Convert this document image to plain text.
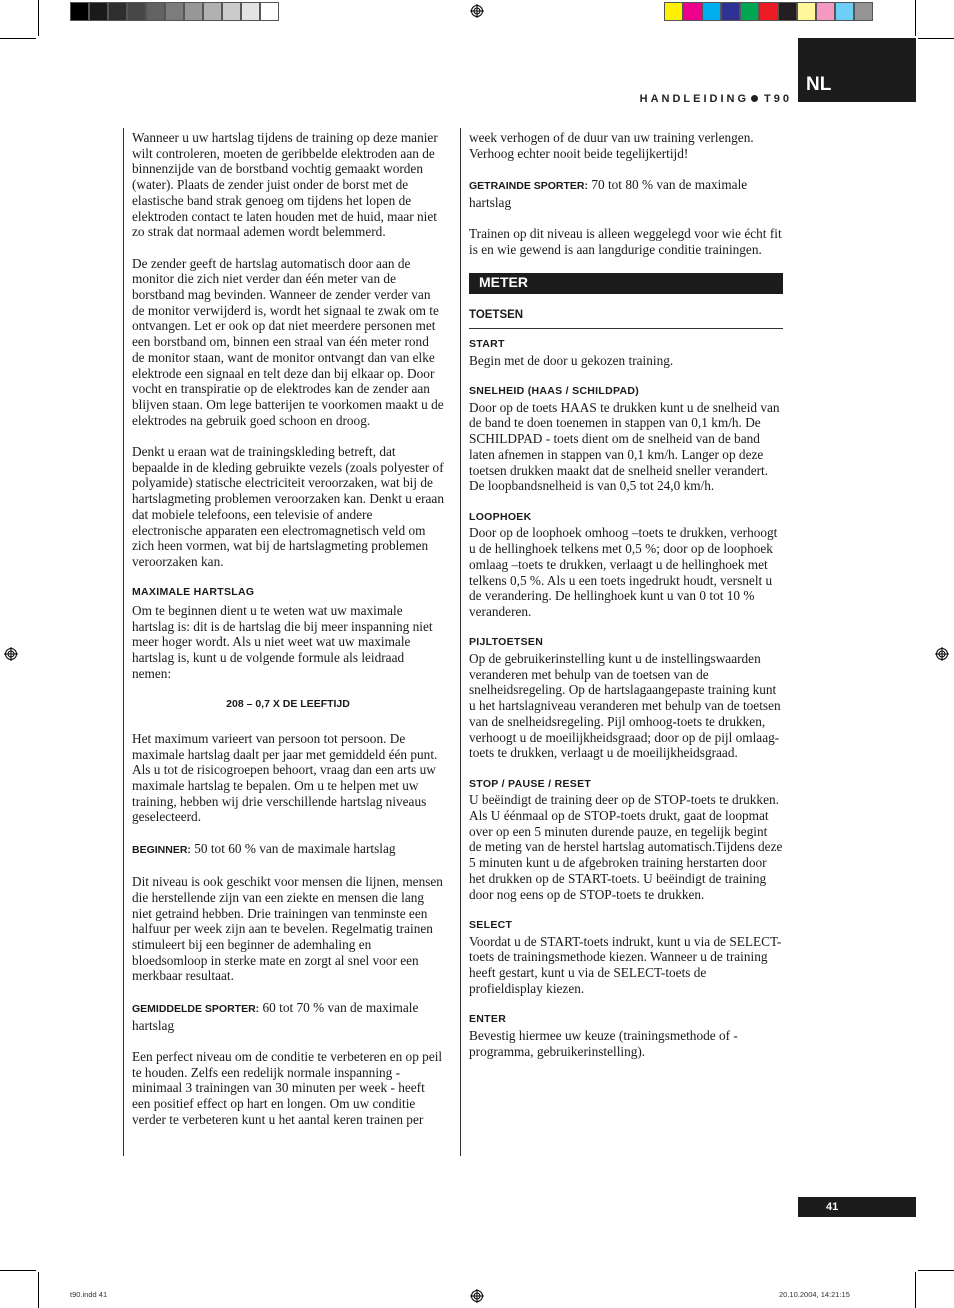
NL
HANDLEIDING T90

Wanneer u uw hartslag tijdens de training op deze manier wilt controleren, moeten de geribbelde elektroden aan de binnenzijde van de borstband vochtig gemaakt worden (water). Plaats de zender juist onder de borst met de elastische band strak genoeg om tijdens het lopen de elektroden contact te laten houden met de huid, maar niet zo strak dat normaal ademen wordt belemmerd.

De zender geeft de hartslag automatisch door aan de monitor die zich niet verder dan één meter van de borstband mag bevinden. Wanneer de zender verder van de monitor verwijderd is, wordt het signaal te zwak om te ontvangen. Let er ook op dat niet meerdere personen met een borstband om, binnen een straal van één meter rond de monitor staan, want de monitor ontvangt dan van elke elektrode een signaal en telt deze dan bij elkaar op. Door vocht en transpiratie op de elektrodes kan de zender aan blijven staan. Om lege batterijen te voorkomen maakt u de elektrodes na gebruik goed schoon en droog.

Denkt u eraan wat de trainingskleding betreft, dat bepaalde in de kleding gebruikte vezels (zoals polyester of polyamide) statische electriciteit veroorzaken, wat bij de hartslagmeting problemen veroorzaken kan. Denkt u eraan dat mobiele telefoons, een televisie of andere electronische apparaten een electromagnetisch veld om zich heen vormen, wat bij de hartslagmeting problemen veroorzaken kan.

MAXIMALE HARTSLAG

Om te beginnen dient u te weten wat uw maximale hartslag is: dit is de hartslag die bij meer inspanning niet meer hoger wordt. Als u niet weet wat uw maximale hartslag is, kunt u de volgende formule als leidraad nemen:

208 – 0,7 X DE LEEFTIJD

Het maximum varieert van persoon tot persoon. De maximale hartslag daalt per jaar met gemiddeld één punt. Als u tot de risicogroepen behoort, vraag dan een arts uw maximale hartslag te bepalen. Om u te helpen met uw training, hebben wij drie verschillende hartslag niveaus geselecteerd.

BEGINNER: 50 tot 60 % van de maximale hartslag

Dit niveau is ook geschikt voor mensen die lijnen, mensen die herstellende zijn van een ziekte en mensen die lang niet getraind hebben. Drie trainingen van tenminste een halfuur per week zijn aan te bevelen. Regelmatig trainen stimuleert bij een beginner de ademhaling en bloedsomloop in sterke mate en zorgt al snel voor een merkbaar resultaat.

GEMIDDELDE SPORTER: 60 tot 70 % van de maximale hartslag

Een perfect niveau om de conditie te verbeteren en op peil te houden. Zelfs een redelijk normale inspanning - minimaal 3 trainingen van 30 minuten per week - heeft een positief effect op hart en longen. Om uw conditie verder te verbeteren kunt u het aantal keren trainen per

week verhogen of de duur van uw training verlengen. Verhoog echter nooit beide tegelijkertijd!

GETRAINDE SPORTER: 70 tot 80 % van de maximale hartslag

Trainen op dit niveau is alleen weggelegd voor wie écht fit is en wie gewend is aan langdurige conditie trainingen.

METER
TOETSEN
START

Begin met de door u gekozen training.

SNELHEID (HAAS / SCHILDPAD)

Door op de toets HAAS te drukken kunt u de snelheid van de band te doen toenemen in stappen van 0,1 km/h. De SCHILDPAD - toets dient om de snelheid van de band laten afnemen in stappen van 0,1 km/h. Langer op deze toetsen drukken maakt dat de snelheid sneller verandert. De loopbandsnelheid is van 0,5 tot 24,0 km/h.

LOOPHOEK

Door op de loophoek omhoog –toets te drukken, verhoogt u de hellinghoek telkens met 0,5 %; door op de loophoek omlaag –toets te drukken, verlaagt u de hellinghoek met telkens 0,5 %. Als u een toets ingedrukt houdt, versnelt u de verandering. De hellinghoek kunt u van 0 tot 10 % veranderen.

PIJLTOETSEN

Op de gebruikerinstelling kunt u de instellingswaarden veranderen met behulp van de toetsen van de snelheidsregeling. Op de hartslagaangepaste training kunt u het hartslagniveau veranderen met behulp van de toetsen van de snelheidsregeling. Pijl omhoog-toets te drukken, verhoogt u de moeilijkheidsgraad; door op de pijl omlaag-toets te drukken, verlaagt u de moeilijkheidsgraad.

STOP / PAUSE / RESET

U beëindigt de training deer op de STOP-toets te drukken. Als U éénmaal op de STOP-toets drukt, gaat de loopmat over op een 5 minuten durende pauze, en tegelijk begint de meting van de herstel hartslag automatisch.Tijdens deze 5 minuten kunt u de afgebroken training herstarten door het drukken op de START-toets. U beëindigt de training door nog eens op de STOP-toets te drukken.

SELECT

Voordat u de START-toets indrukt, kunt u via de SELECT-toets de trainingsmethode kiezen. Wanneer u de training heeft gestart, kunt u via de SELECT-toets de profieldisplay kiezen.

ENTER

Bevestig hiermee uw keuze (trainingsmethode of -programma, gebruikerinstelling).

41
t90.indd 41	20.10.2004, 14:21:15
